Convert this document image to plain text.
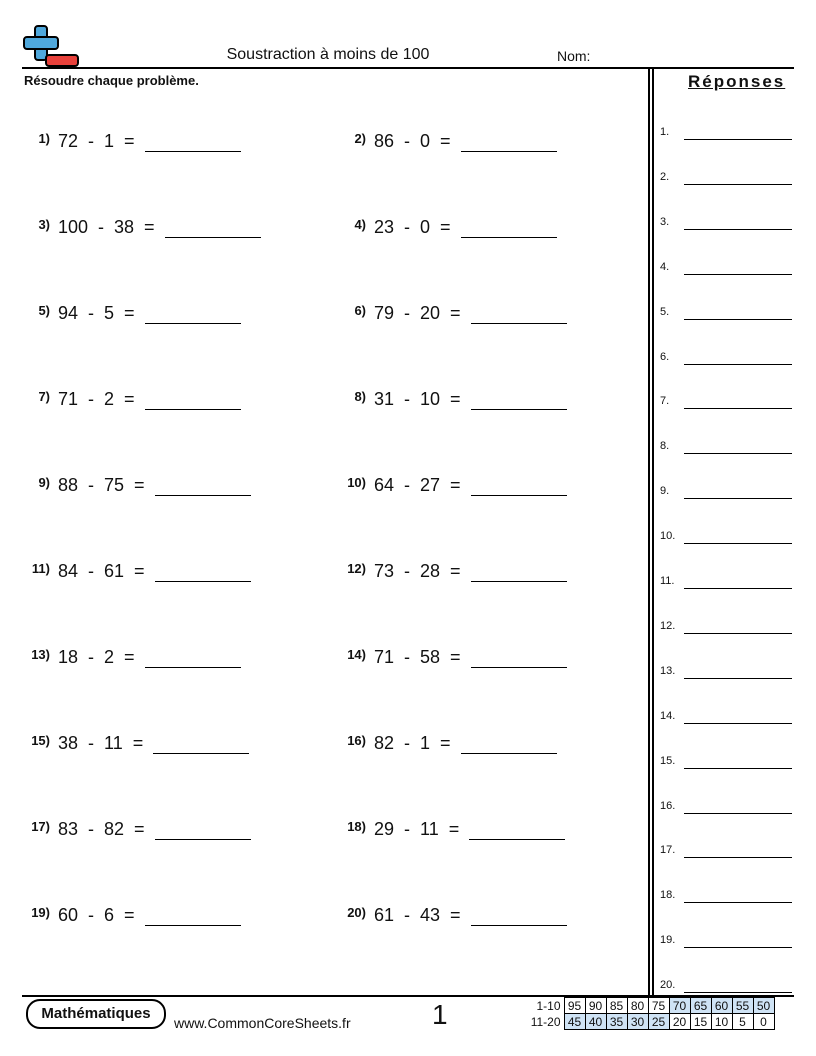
Soustraction à moins de 100	Nom:
Résoudre chaque problème.
1) 72 - 1 =	2) 86 - 0 =
3) 100 - 38 =	4) 23 - 0 =
5) 94 - 5 =	6) 79 - 20 =
7) 71 - 2 =	8) 31 - 10 =
9) 88 - 75 =	10) 64 - 27 =
11) 84 - 61 =	12) 73 - 28 =
13) 18 - 2 =	14) 71 - 58 =
15) 38 - 11 =	16) 82 - 1 =
17) 83 - 82 =	18) 29 - 11 =
19) 60 - 6 =	20) 61 - 43 =
Réponses
1.
2.
3.
4.
5.
6.
7.
8.
9.
10.
11.
12.
13.
14.
15.
16.
17.
18.
19.
20.
Mathématiques
www.CommonCoreSheets.fr	1	1-10	95	90	85	80	75	70	65	60	55	50
11-20	45	40	35	30	25	20	15	10	5	0
